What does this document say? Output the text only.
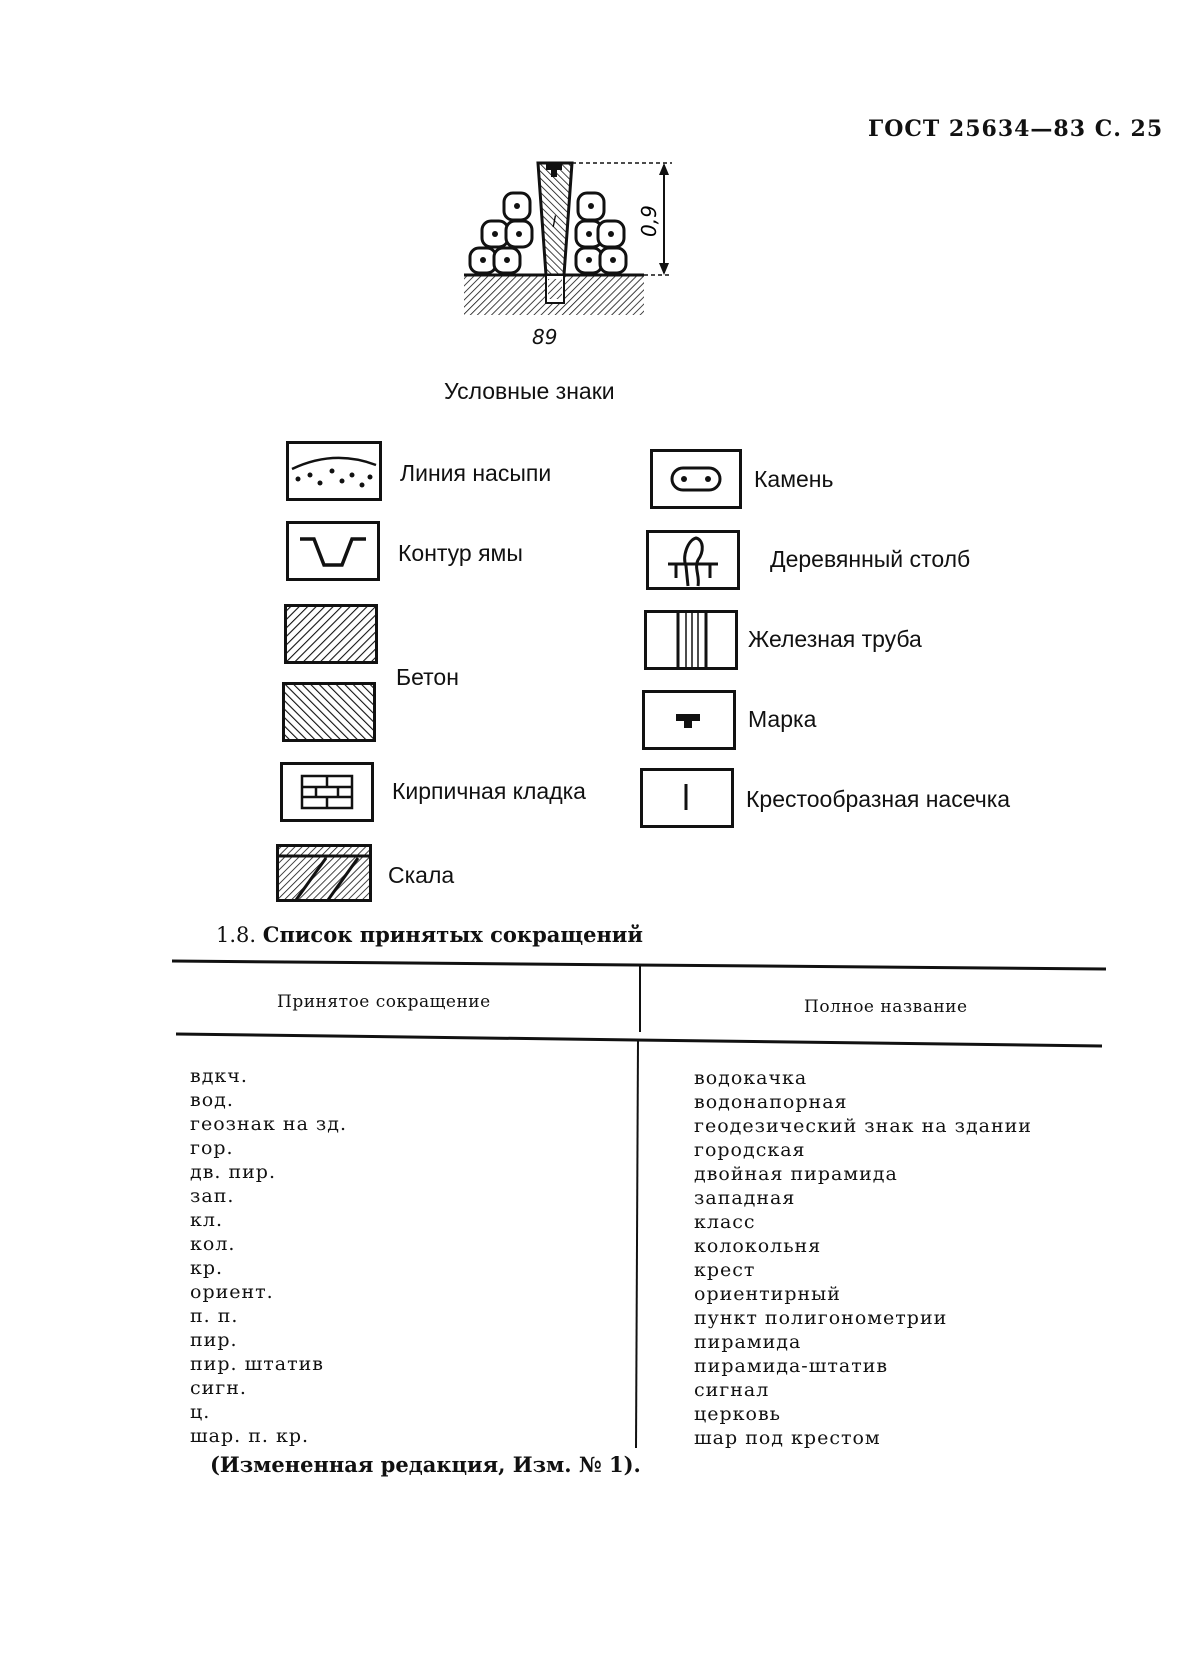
ГОСТ 25634—83 С. 25
l	0,9
89
Условные знаки
Линия насыпи
Контур ямы
Бетон
Кирпичная кладка
Скала
Камень
Деревянный столб
Железная труба
Марка
Крестообразная насечка
1.8. Список принятых сокращений
Принятое сокращение	Полное название
вдкч.
вод.
геознак на зд.
гор.
дв. пир.
зап.
кл.
кол.
кр.
ориент.
п. п.
пир.
пир. штатив
сигн.
ц.
шар. п. кр.
водокачка
водонапорная
геодезический знак на здании
городская
двойная пирамида
западная
класс
колокольня
крест
ориентирный
пункт полигонометрии
пирамида
пирамида-штатив
сигнал
церковь
шар под крестом
(Измененная редакция, Изм. № 1).
